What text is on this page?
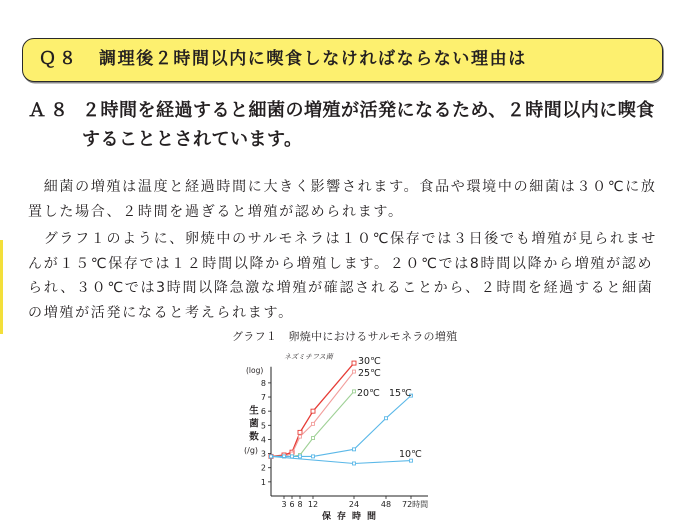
Ｑ８ 調理後２時間以内に喫食しなければならない理由は
Ａ８ ２時間を経過すると細菌の増殖が活発になるため、２時間以内に喫食
することとされています。
細菌の増殖は温度と経過時間に大きく影響されます。食品や環境中の細菌は３０℃に放
置した場合、２時間を過ぎると増殖が認められます。
グラフ１のように、卵焼中のサルモネラは１０℃保存では３日後でも増殖が見られませ
んが１５℃保存では１２時間以降から増殖します。２０℃では8時間以降から増殖が認め
られ、３０℃では3時間以降急激な増殖が確認されることから、２時間を経過すると細菌
の増殖が活発になると考えられます。
グラフ１　卵焼中におけるサルモネラの増殖
ネズミチフス菌
(log)
生菌数
(/g)
保存時間
1
2
3
4
5
6
7
8
3 6 8 12	24	48 72時間
30℃
25℃
20℃ 15℃
10℃
